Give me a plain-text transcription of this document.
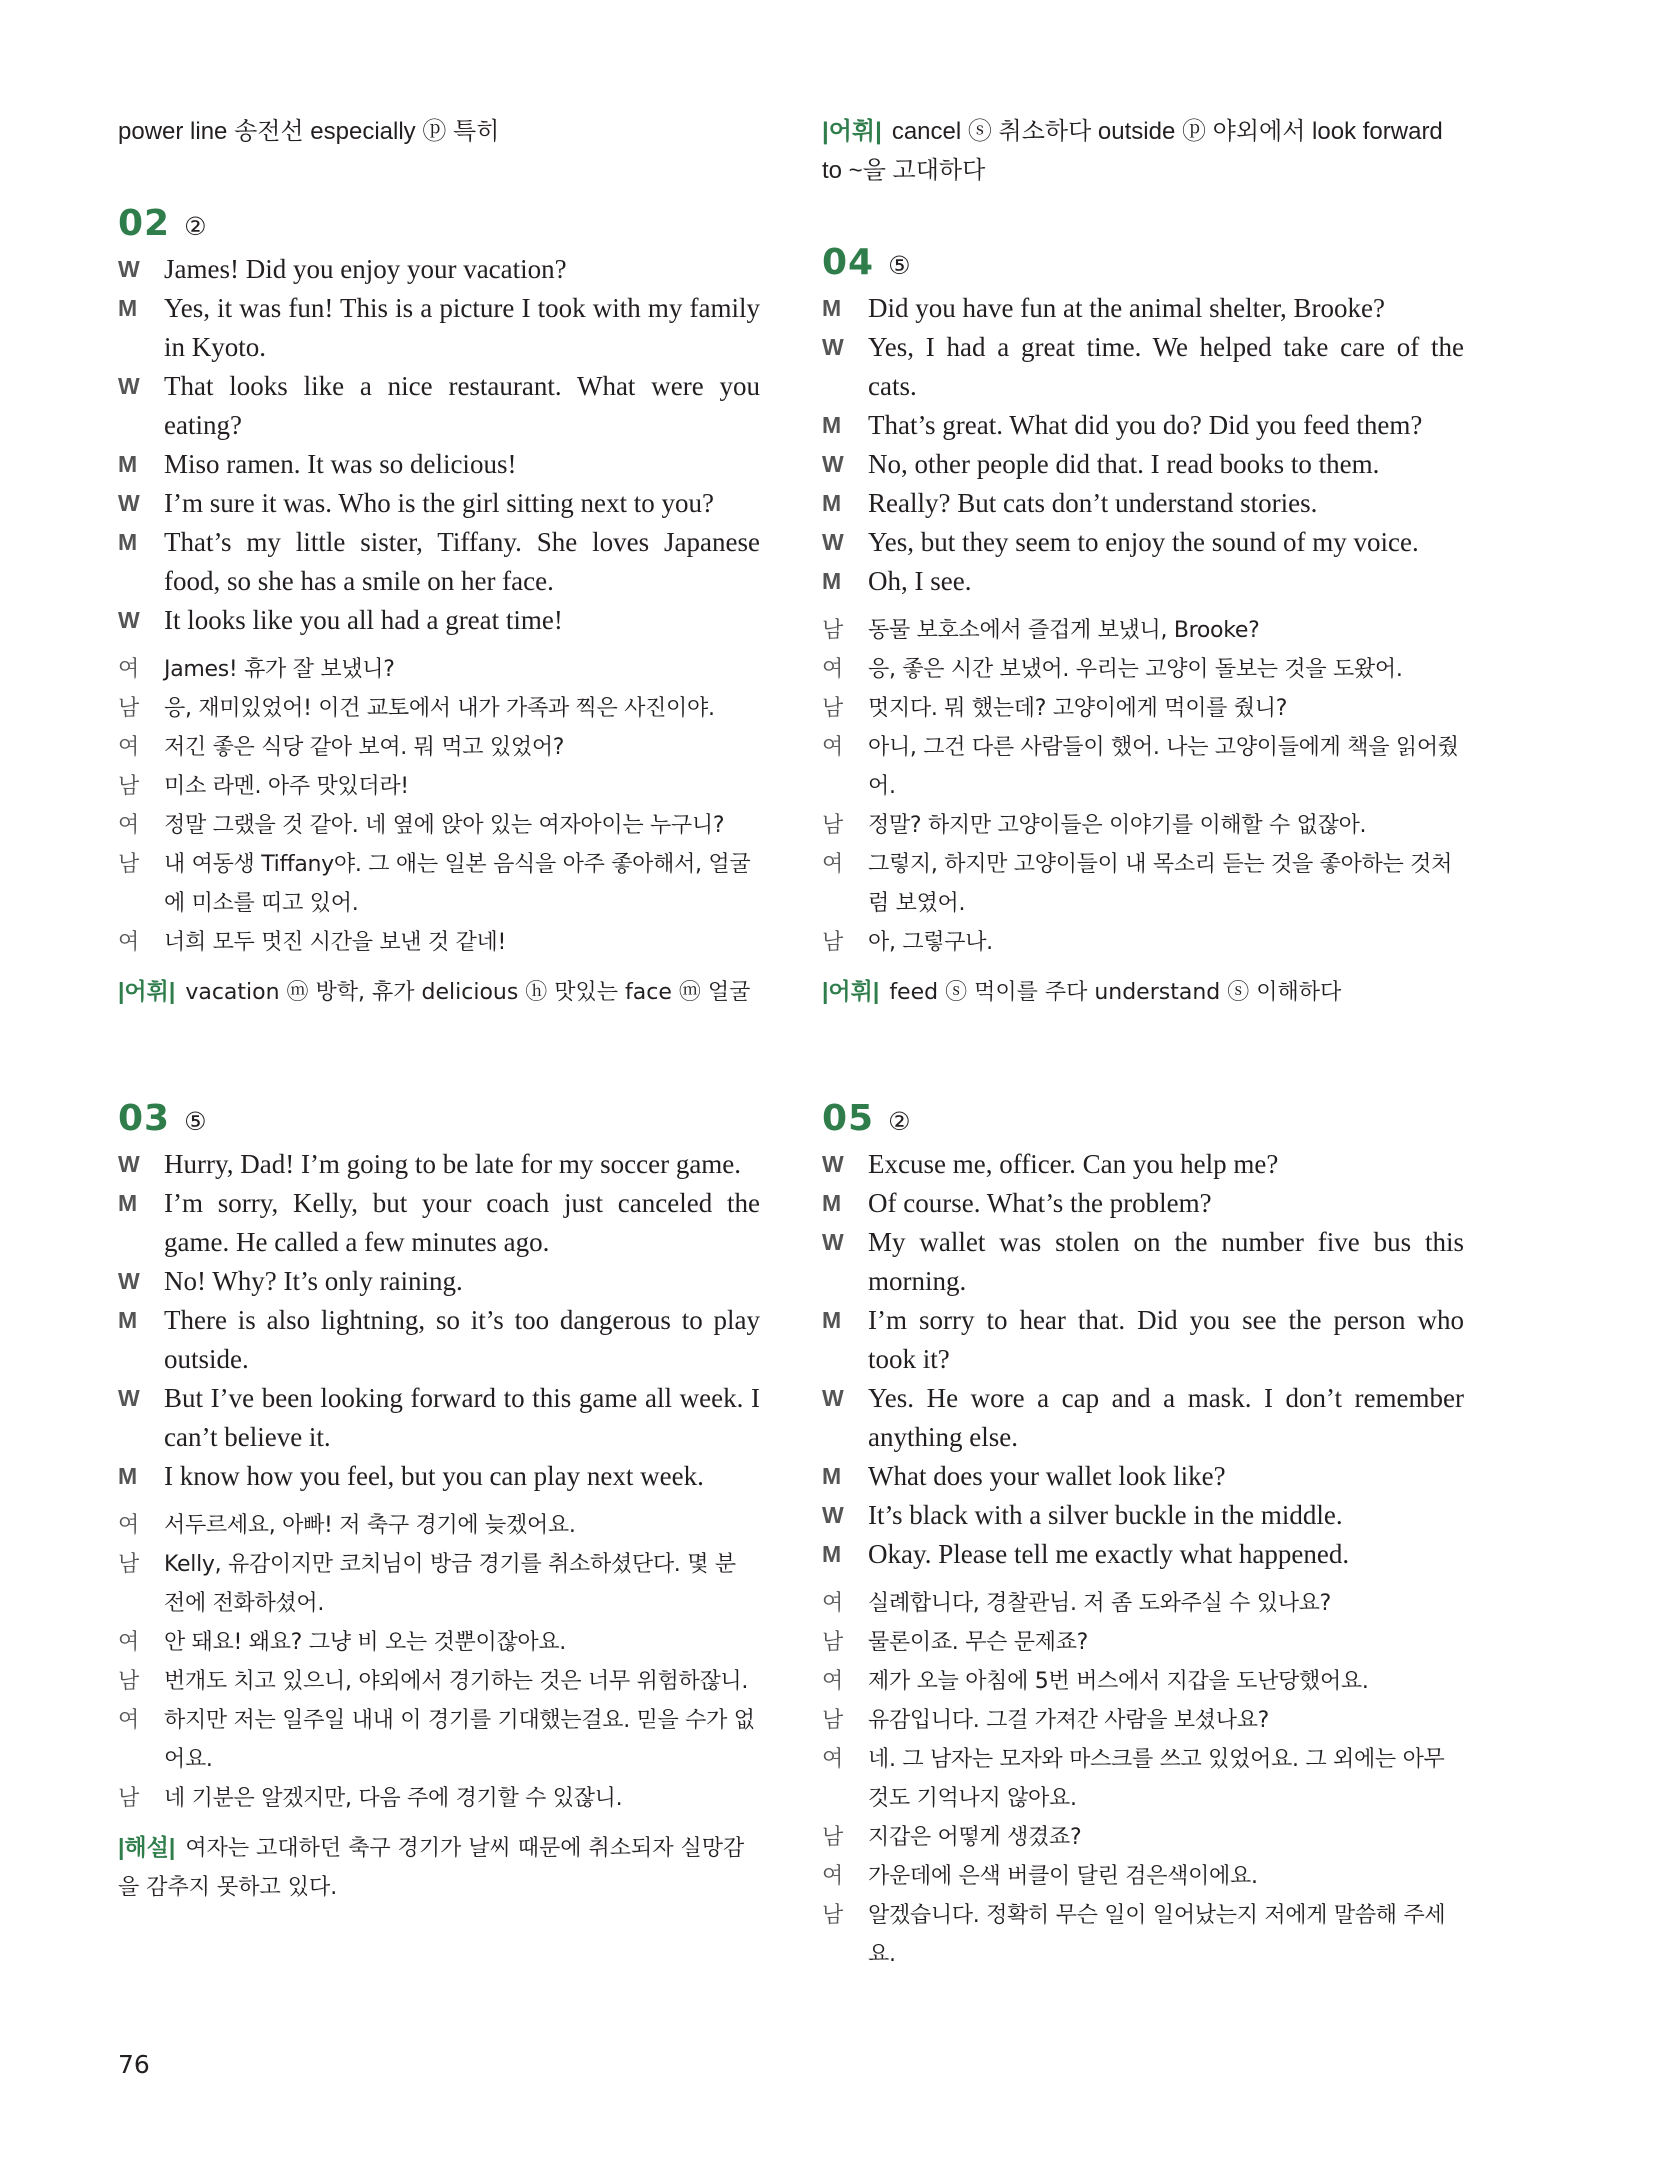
power line 송전선 especially ⓟ 특히
02 ②
W James! Did you enjoy your vacation?
M Yes, it was fun! This is a picture I took with my family in Kyoto.
W That looks like a nice restaurant. What were you eating?
M Miso ramen. It was so delicious!
W I’m sure it was. Who is the girl sitting next to you?
M That’s my little sister, Tiffany. She loves Japanese food, so she has a smile on her face.
W It looks like you all had a great time!
여	James! 휴가 잘 보냈니?
남	응, 재미있었어! 이건 교토에서 내가 가족과 찍은 사진이야.
여	저긴 좋은 식당 같아 보여. 뭐 먹고 있었어?
남	미소 라멘. 아주 맛있더라!
여	정말 그랬을 것 같아. 네 옆에 앉아 있는 여자아이는 누구니?
남	내 여동생 Tiffany야. 그 애는 일본 음식을 아주 좋아해서, 얼굴에 미소를 띠고 있어.
여	너희 모두 멋진 시간을 보낸 것 같네!
|어휘| vacation ⓜ 방학, 휴가 delicious ⓗ 맛있는 face ⓜ 얼굴
03 ⑤
W Hurry, Dad! I’m going to be late for my soccer game.
M I’m sorry, Kelly, but your coach just canceled the game. He called a few minutes ago.
W No! Why? It’s only raining.
M There is also lightning, so it’s too dangerous to play outside.
W But I’ve been looking forward to this game all week. I can’t believe it.
M I know how you feel, but you can play next week.
여	서두르세요, 아빠! 저 축구 경기에 늦겠어요.
남	Kelly, 유감이지만 코치님이 방금 경기를 취소하셨단다. 몇 분 전에 전화하셨어.
여	안 돼요! 왜요? 그냥 비 오는 것뿐이잖아요.
남	번개도 치고 있으니, 야외에서 경기하는 것은 너무 위험하잖니.
여	하지만 저는 일주일 내내 이 경기를 기대했는걸요. 믿을 수가 없어요.
남	네 기분은 알겠지만, 다음 주에 경기할 수 있잖니.
|해설| 여자는 고대하던 축구 경기가 날씨 때문에 취소되자 실망감을 감추지 못하고 있다.
|어휘| cancel ⓢ 취소하다 outside ⓟ 야외에서 look forward to ~을 고대하다
04 ⑤
M Did you have fun at the animal shelter, Brooke?
W Yes, I had a great time. We helped take care of the cats.
M That’s great. What did you do? Did you feed them?
W No, other people did that. I read books to them.
M Really? But cats don’t understand stories.
W Yes, but they seem to enjoy the sound of my voice.
M Oh, I see.
남	동물 보호소에서 즐겁게 보냈니, Brooke?
여	응, 좋은 시간 보냈어. 우리는 고양이 돌보는 것을 도왔어.
남	멋지다. 뭐 했는데? 고양이에게 먹이를 줬니?
여	아니, 그건 다른 사람들이 했어. 나는 고양이들에게 책을 읽어줬어.
남	정말? 하지만 고양이들은 이야기를 이해할 수 없잖아.
여	그렇지, 하지만 고양이들이 내 목소리 듣는 것을 좋아하는 것처럼 보였어.
남	아, 그렇구나.
|어휘| feed ⓢ 먹이를 주다 understand ⓢ 이해하다
05 ②
W Excuse me, officer. Can you help me?
M Of course. What’s the problem?
W My wallet was stolen on the number five bus this morning.
M I’m sorry to hear that. Did you see the person who took it?
W Yes. He wore a cap and a mask. I don’t remember anything else.
M What does your wallet look like?
W It’s black with a silver buckle in the middle.
M Okay. Please tell me exactly what happened.
여	실례합니다, 경찰관님. 저 좀 도와주실 수 있나요?
남	물론이죠. 무슨 문제죠?
여	제가 오늘 아침에 5번 버스에서 지갑을 도난당했어요.
남	유감입니다. 그걸 가져간 사람을 보셨나요?
여	네. 그 남자는 모자와 마스크를 쓰고 있었어요. 그 외에는 아무것도 기억나지 않아요.
남	지갑은 어떻게 생겼죠?
여	가운데에 은색 버클이 달린 검은색이에요.
남	알겠습니다. 정확히 무슨 일이 일어났는지 저에게 말씀해 주세요.
76
